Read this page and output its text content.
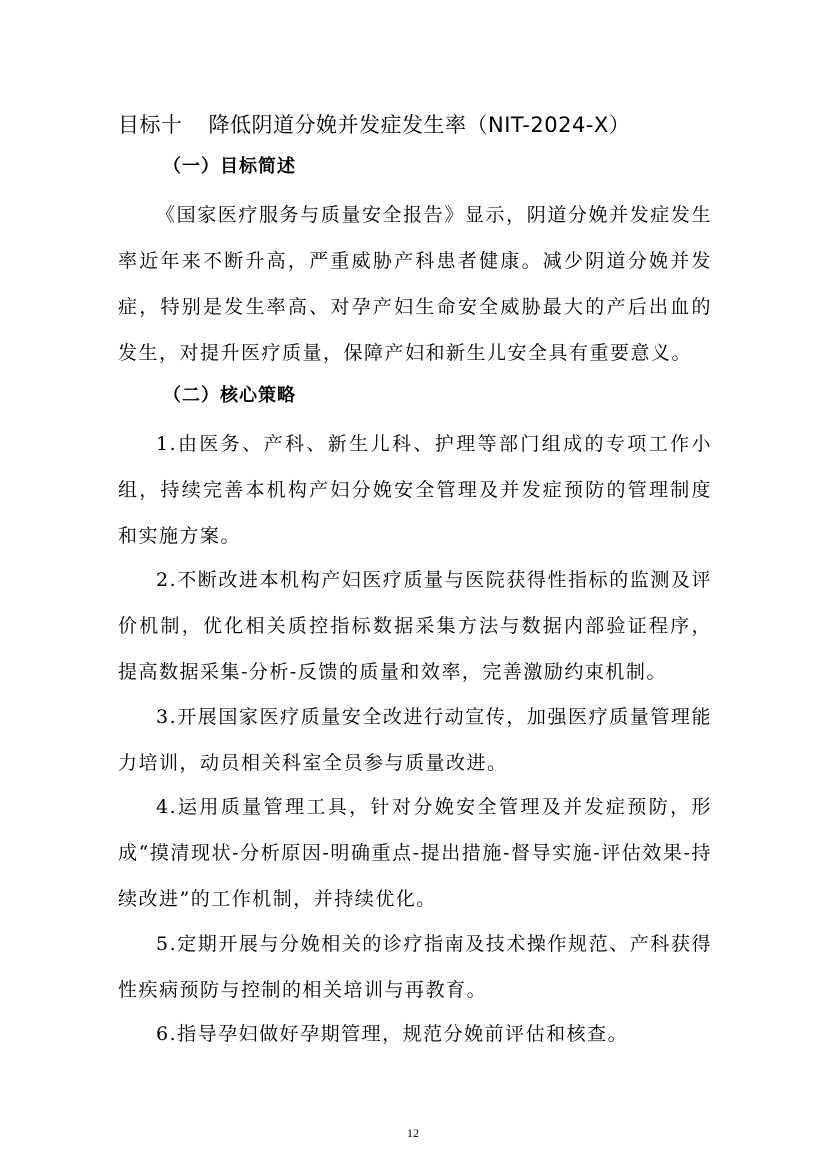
目标十 降低阴道分娩并发症发生率（NIT-2024-Ⅹ）
（一）目标简述
《国家医疗服务与质量安全报告》显示，阴道分娩并发症发生率近年来不断升高，严重威胁产科患者健康。减少阴道分娩并发症，特别是发生率高、对孕产妇生命安全威胁最大的产后出血的发生，对提升医疗质量，保障产妇和新生儿安全具有重要意义。
（二）核心策略
1.由医务、产科、新生儿科、护理等部门组成的专项工作小组，持续完善本机构产妇分娩安全管理及并发症预防的管理制度和实施方案。
2.不断改进本机构产妇医疗质量与医院获得性指标的监测及评价机制，优化相关质控指标数据采集方法与数据内部验证程序，提高数据采集-分析-反馈的质量和效率，完善激励约束机制。
3.开展国家医疗质量安全改进行动宣传，加强医疗质量管理能力培训，动员相关科室全员参与质量改进。
4.运用质量管理工具，针对分娩安全管理及并发症预防，形成“摸清现状-分析原因-明确重点-提出措施-督导实施-评估效果-持续改进”的工作机制，并持续优化。
5.定期开展与分娩相关的诊疗指南及技术操作规范、产科获得性疾病预防与控制的相关培训与再教育。
6.指导孕妇做好孕期管理，规范分娩前评估和核查。
12
